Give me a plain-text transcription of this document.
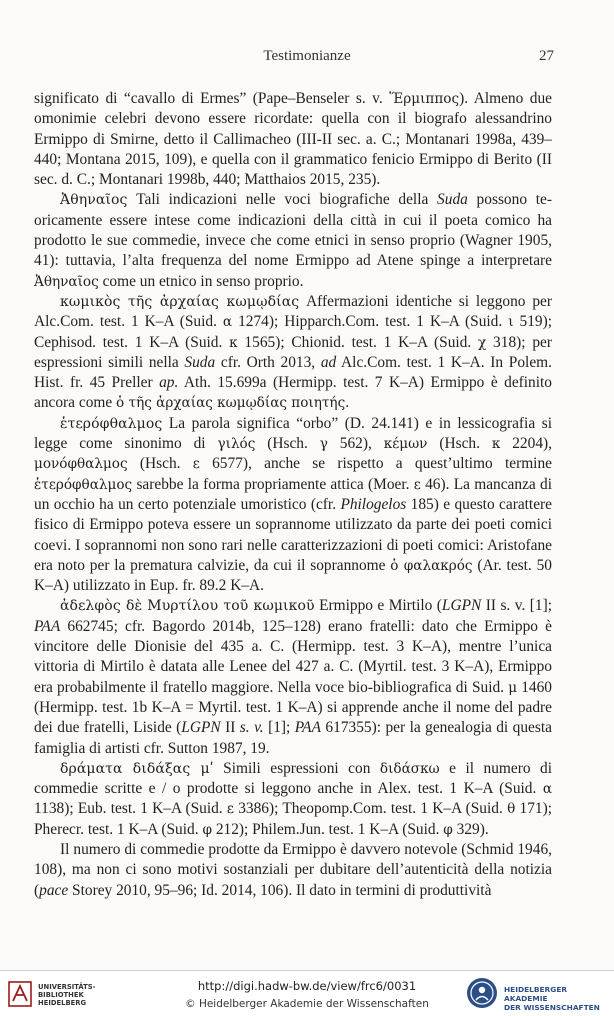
Testimonianze	27

significato di “cavallo di Ermes” (Pape–Benseler s. v. Ἕρμιππος). Almeno due omonimie celebri devono essere ricordate: quella con il biografo alessandrino Ermippo di Smirne, detto il Callimacheo (III-II sec. a. C.; Montanari 1998a, 439–440; Montana 2015, 109), e quella con il grammatico fenicio Ermippo di Berito (II sec. d. C.; Montanari 1998b, 440; Matthaios 2015, 235).

Ἀθηναῖος Tali indicazioni nelle voci biografiche della Suda possono teoricamente essere intese come indicazioni della città in cui il poeta comico ha prodotto le sue commedie, invece che come etnici in senso proprio (Wagner 1905, 41): tuttavia, l’alta frequenza del nome Ermippo ad Atene spinge a interpretare Ἀθηναῖος come un etnico in senso proprio.

κωμικὸς τῆς ἀρχαίας κωμῳδίας Affermazioni identiche si leggono per Alc.Com. test. 1 K–A (Suid. α 1274); Hipparch.Com. test. 1 K–A (Suid. ι 519); Cephisod. test. 1 K–A (Suid. κ 1565); Chionid. test. 1 K–A (Suid. χ 318); per espressioni simili nella Suda cfr. Orth 2013, ad Alc.Com. test. 1 K–A. In Polem. Hist. fr. 45 Preller ap. Ath. 15.699a (Hermipp. test. 7 K–A) Ermippo è definito ancora come ὁ τῆς ἀρχαίας κωμῳδίας ποιητής.

ἑτερόφθαλμος La parola significa “orbo” (D. 24.141) e in lessicografia si legge come sinonimo di γιλός (Hsch. γ 562), κέμων (Hsch. κ 2204), μονόφθαλμος (Hsch. ε 6577), anche se rispetto a quest’ultimo termine ἑτερόφθαλμος sarebbe la forma propriamente attica (Moer. ε 46). La mancanza di un occhio ha un certo potenziale umoristico (cfr. Philogelos 185) e questo carattere fisico di Ermippo poteva essere un soprannome utilizzato da parte dei poeti comici coevi. I soprannomi non sono rari nelle caratterizzazioni di poeti comici: Aristofane era noto per la prematura calvizie, da cui il soprannome ὁ φαλακρός (Ar. test. 50 K–A) utilizzato in Eup. fr. 89.2 K–A.

ἀδελφὸς δὲ Μυρτίλου τοῦ κωμικοῦ Ermippo e Mirtilo (LGPN II s. v. [1]; PAA 662745; cfr. Bagordo 2014b, 125–128) erano fratelli: dato che Ermippo è vincitore delle Dionisie del 435 a. C. (Hermipp. test. 3 K–A), mentre l’unica vittoria di Mirtilo è datata alle Lenee del 427 a. C. (Myrtil. test. 3 K–A), Ermippo era probabilmente il fratello maggiore. Nella voce bio-bibliografica di Suid. μ 1460 (Hermipp. test. 1b K–A = Myrtil. test. 1 K–A) si apprende anche il nome del padre dei due fratelli, Liside (LGPN II s. v. [1]; PAA 617355): per la genealogia di questa famiglia di artisti cfr. Sutton 1987, 19.

δράματα διδάξας μʹ Simili espressioni con διδάσκω e il numero di commedie scritte e / o prodotte si leggono anche in Alex. test. 1 K–A (Suid. α 1138); Eub. test. 1 K–A (Suid. ε 3386); Theopomp.Com. test. 1 K–A (Suid. θ 171); Pherecr. test. 1 K–A (Suid. φ 212); Philem.Jun. test. 1 K–A (Suid. φ 329).

Il numero di commedie prodotte da Ermippo è davvero notevole (Schmid 1946, 108), ma non ci sono motivi sostanziali per dubitare dell’autenticità della notizia (pace Storey 2010, 95–96; Id. 2014, 106). Il dato in termini di produttività

UNIVERSITÄTS-
BIBLIOTHEK
HEIDELBERG
http://digi.hadw-bw.de/view/frc6/0031
© Heidelberger Akademie der Wissenschaften
HEIDELBERGER AKADEMIE
DER WISSENSCHAFTEN
